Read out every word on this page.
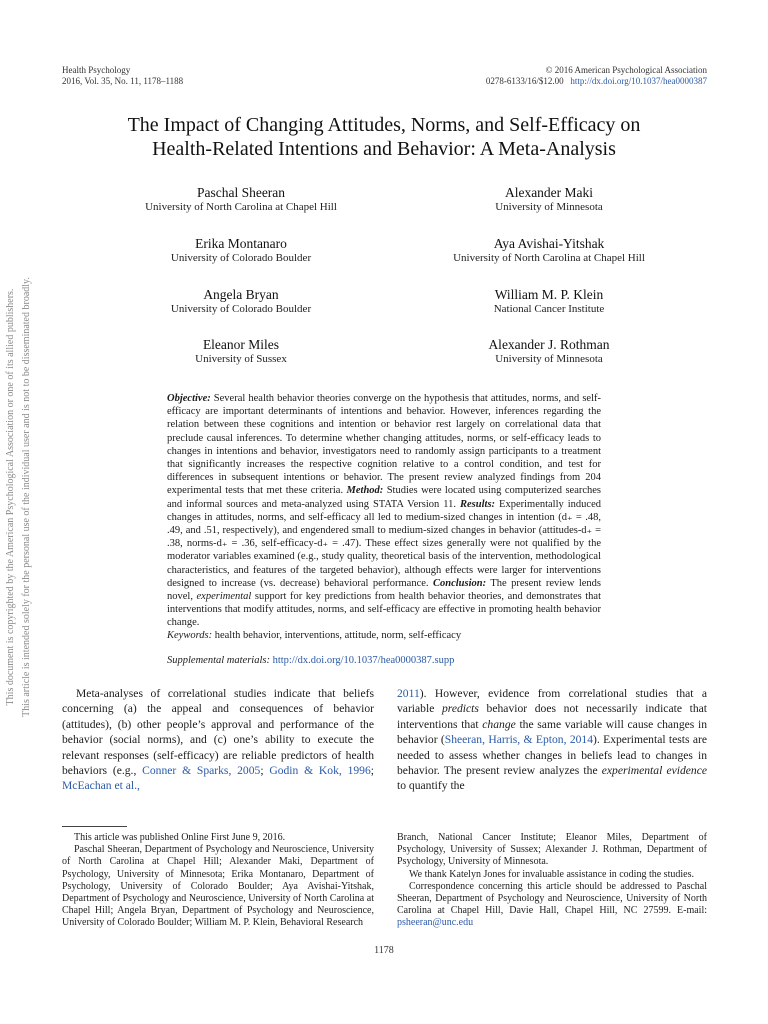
Health Psychology
2016, Vol. 35, No. 11, 1178–1188
© 2016 American Psychological Association
0278-6133/16/$12.00 http://dx.doi.org/10.1037/hea0000387
The Impact of Changing Attitudes, Norms, and Self-Efficacy on
Health-Related Intentions and Behavior: A Meta-Analysis
Paschal Sheeran
University of North Carolina at Chapel Hill
Alexander Maki
University of Minnesota
Erika Montanaro
University of Colorado Boulder
Aya Avishai-Yitshak
University of North Carolina at Chapel Hill
Angela Bryan
University of Colorado Boulder
William M. P. Klein
National Cancer Institute
Eleanor Miles
University of Sussex
Alexander J. Rothman
University of Minnesota
This document is copyrighted by the American Psychological Association or one of its allied publishers. This article is intended solely for the personal use of the individual user and is not to be disseminated broadly.	Objective: Several health behavior theories converge on the hypothesis that attitudes, norms, and self-efficacy are important determinants of intentions and behavior. However, inferences regarding the relation between these cognitions and intention or behavior rest largely on correlational data that preclude causal inferences. To determine whether changing attitudes, norms, or self-efficacy leads to changes in intentions and behavior, investigators need to randomly assign participants to a treatment that significantly increases the respective cognition relative to a control condition, and test for differences in subsequent intentions or behavior. The present review analyzed findings from 204 experimental tests that met these criteria. Method: Studies were located using computerized searches and informal sources and meta-analyzed using STATA Version 11. Results: Experimentally induced changes in attitudes, norms, and self-efficacy all led to medium-sized changes in intention (d₊ = .48, .49, and .51, respectively), and engendered small to medium-sized changes in behavior (attitudes-d₊ = .38, norms-d₊ = .36, self-efficacy-d₊ = .47). These effect sizes generally were not qualified by the moderator variables examined (e.g., study quality, theoretical basis of the intervention, methodological characteristics, and features of the targeted behavior), although effects were larger for interventions designed to increase (vs. decrease) behavioral performance. Conclusion: The present review lends novel, experimental support for key predictions from health behavior theories, and demonstrates that interventions that modify attitudes, norms, and self-efficacy are effective in promoting health behavior change.
Keywords: health behavior, interventions, attitude, norm, self-efficacy
Supplemental materials: http://dx.doi.org/10.1037/hea0000387.supp
Meta-analyses of correlational studies indicate that beliefs concerning (a) the appeal and consequences of behavior (attitudes), (b) other people’s approval and performance of the behavior (social norms), and (c) one’s ability to execute the relevant responses (self-efficacy) are reliable predictors of health behaviors (e.g., Conner & Sparks, 2005; Godin & Kok, 1996; McEachan et al.,
2011). However, evidence from correlational studies that a variable predicts behavior does not necessarily indicate that interventions that change the same variable will cause changes in behavior (Sheeran, Harris, & Epton, 2014). Experimental tests are needed to assess whether changes in beliefs lead to changes in behavior. The present review analyzes the experimental evidence to quantify the

This article was published Online First June 9, 2016.

Paschal Sheeran, Department of Psychology and Neuroscience, University of North Carolina at Chapel Hill; Alexander Maki, Department of Psychology, University of Minnesota; Erika Montanaro, Department of Psychology, University of Colorado Boulder; Aya Avishai-Yitshak, Department of Psychology and Neuroscience, University of North Carolina at Chapel Hill; Angela Bryan, Department of Psychology and Neuroscience, University of Colorado Boulder; William M. P. Klein, Behavioral Research

Branch, National Cancer Institute; Eleanor Miles, Department of Psychology, University of Sussex; Alexander J. Rothman, Department of Psychology, University of Minnesota.

We thank Katelyn Jones for invaluable assistance in coding the studies.

Correspondence concerning this article should be addressed to Paschal Sheeran, Department of Psychology and Neuroscience, University of North Carolina at Chapel Hill, Davie Hall, Chapel Hill, NC 27599. E-mail: psheeran@unc.edu

1178
